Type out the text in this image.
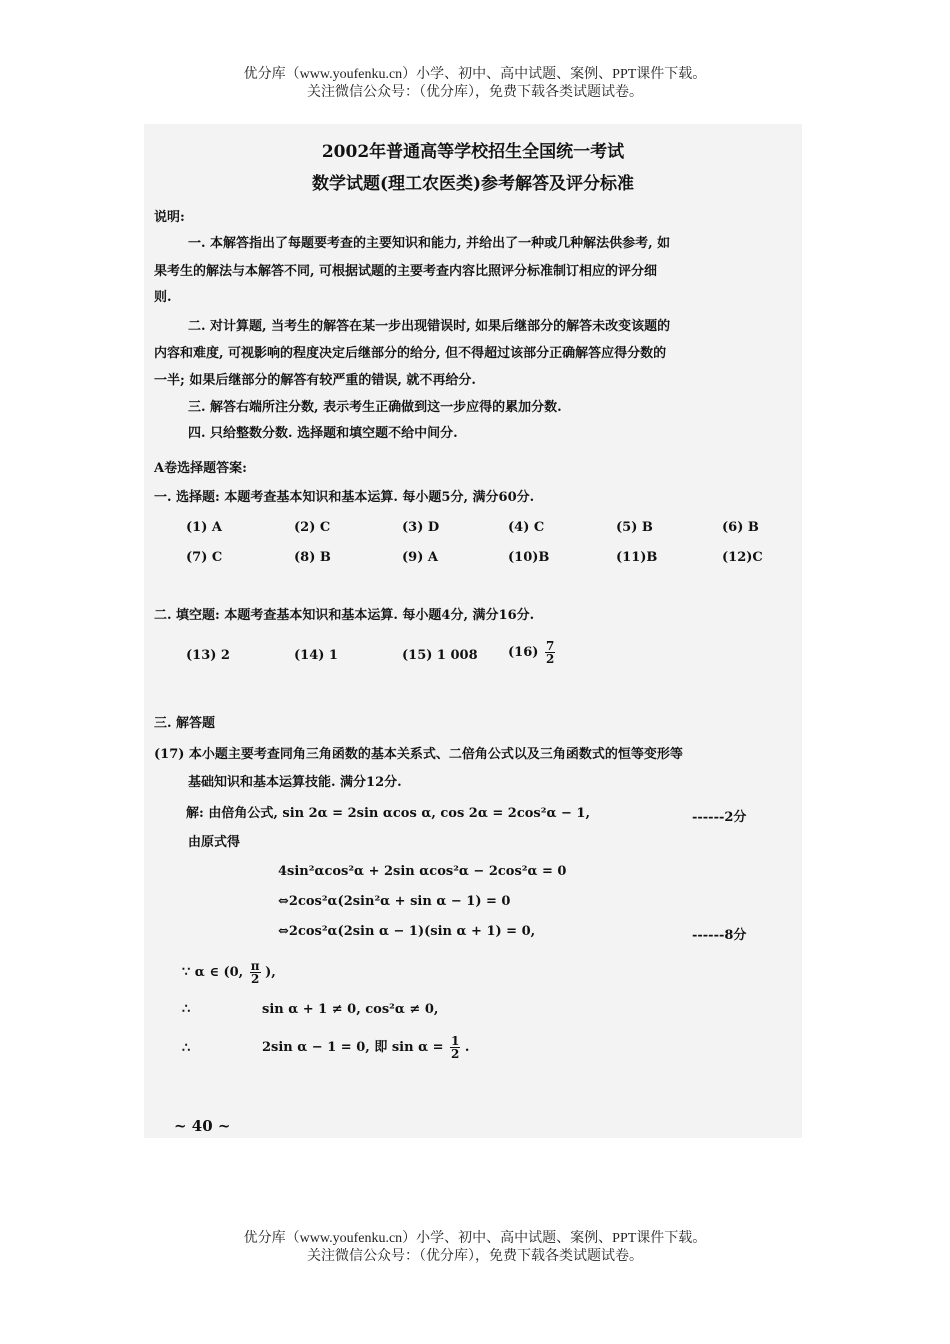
优分库（www.youfenku.cn）小学、初中、高中试题、案例、PPT课件下载。
关注微信公众号：（优分库），免费下载各类试题试卷。
2002年普通高等学校招生全国统一考试
数学试题(理工农医类)参考解答及评分标准
说明:
一. 本解答指出了每题要考查的主要知识和能力, 并给出了一种或几种解法供参考, 如
果考生的解法与本解答不同, 可根据试题的主要考查内容比照评分标准制订相应的评分细
则.
二. 对计算题, 当考生的解答在某一步出现错误时, 如果后继部分的解答未改变该题的
内容和难度, 可视影响的程度决定后继部分的给分, 但不得超过该部分正确解答应得分数的
一半; 如果后继部分的解答有较严重的错误, 就不再给分.
三. 解答右端所注分数, 表示考生正确做到这一步应得的累加分数.
四. 只给整数分数. 选择题和填空题不给中间分.
A卷选择题答案:
一. 选择题: 本题考查基本知识和基本运算. 每小题5分, 满分60分.
(1) A	(2) C	(3) D	(4) C	(5) B	(6) B
(7) C	(8) B	(9) A	(10)B	(11)B	(12)C
二. 填空题: 本题考查基本知识和基本运算. 每小题4分, 满分16分.
(13) 2	(14) 1	(15) 1 008 $(16) \frac{7}{2}$
三. 解答题
(17) 本小题主要考查同角三角函数的基本关系式、二倍角公式以及三角函数式的恒等变形等
基础知识和基本运算技能. 满分12分.
解: 由倍角公式, sin 2α = 2sin αcos α, cos 2α = 2cos²α − 1,	------2分
由原式得
4sin²αcos²α + 2sin αcos²α − 2cos²α = 0
⇔2cos²α(2sin²α + sin α − 1) = 0
⇔2cos²α(2sin α − 1)(sin α + 1) = 0,	------8分
∵ α ∈ (0, $\frac{\pi}{2}$ ),
∴	sin α + 1 ≠ 0, cos²α ≠ 0,
∴	2sin α − 1 = 0, 即 $\sin \alpha = \frac{1}{2}$ .
~ 40 ~
优分库（www.youfenku.cn）小学、初中、高中试题、案例、PPT课件下载。
关注微信公众号：（优分库），免费下载各类试题试卷。
